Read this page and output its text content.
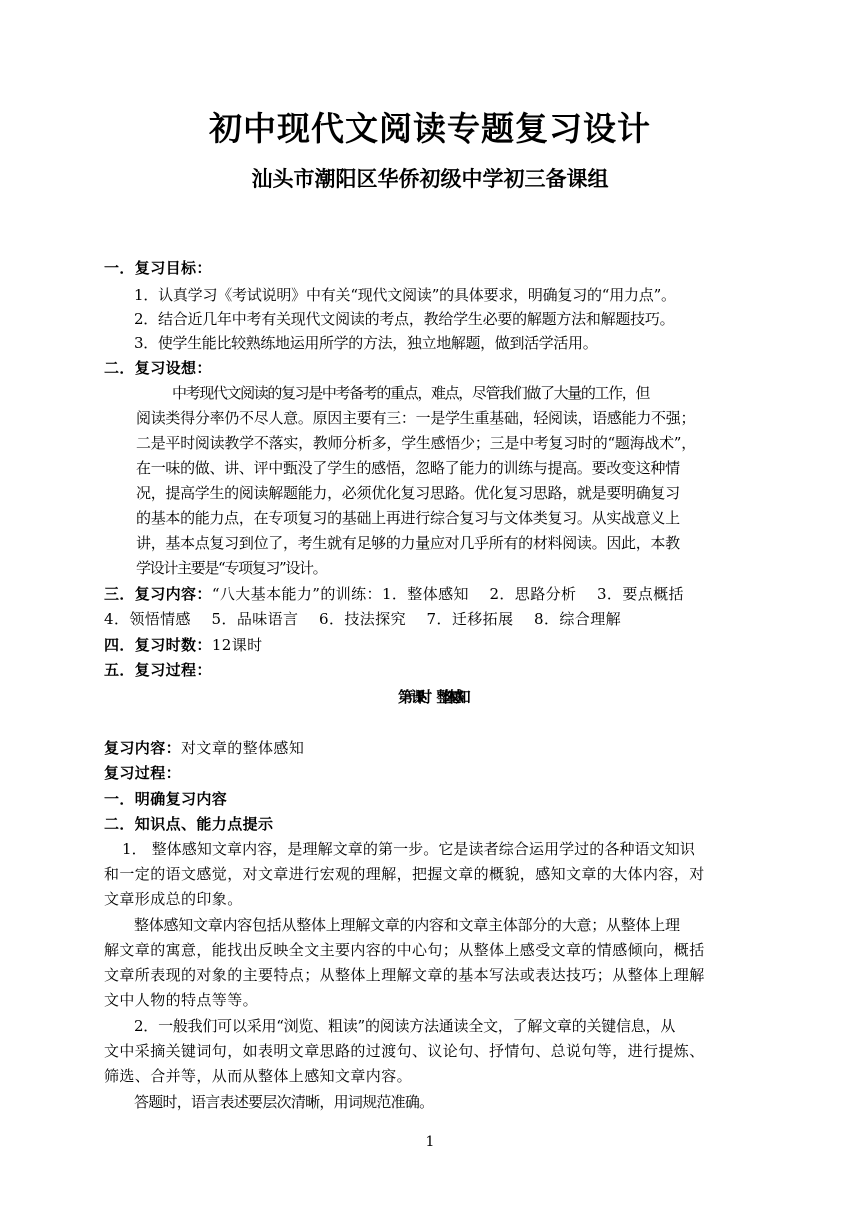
初中现代文阅读专题复习设计
汕头市潮阳区华侨初级中学初三备课组
一．复习目标：
1．认真学习《考试说明》中有关“现代文阅读”的具体要求，明确复习的“用力点”。
2．结合近几年中考有关现代文阅读的考点，教给学生必要的解题方法和解题技巧。
3．使学生能比较熟练地运用所学的方法，独立地解题，做到活学活用。
二．复习设想：
中考现代文阅读的复习是中考备考的重点，难点，尽管我们做了大量的工作，但
阅读类得分率仍不尽人意。原因主要有三：一是学生重基础，轻阅读，语感能力不强；
二是平时阅读教学不落实，教师分析多，学生感悟少；三是中考复习时的“题海战术”，
在一味的做、讲、评中甄没了学生的感悟，忽略了能力的训练与提高。要改变这种情
况，提高学生的阅读解题能力，必须优化复习思路。优化复习思路，就是要明确复习
的基本的能力点，在专项复习的基础上再进行综合复习与文体类复习。从实战意义上
讲，基本点复习到位了，考生就有足够的力量应对几乎所有的材料阅读。因此，本教
学设计主要是“专项复习”设计。
三．复习内容：“八大基本能力”的训练：1．整体感知　 2．思路分析　 3．要点概括
4．领悟情感　 5．品味语言　 6．技法探究　 7．迁移拓展　 8．综合理解
四．复习时数：12课时
五．复习过程：
第一课时　　整体感知
复习内容：对文章的整体感知
复习过程：
一．明确复习内容
二．知识点、能力点提示
1． 整体感知文章内容，是理解文章的第一步。它是读者综合运用学过的各种语文知识
和一定的语文感觉，对文章进行宏观的理解，把握文章的概貌，感知文章的大体内容，对
文章形成总的印象。
整体感知文章内容包括从整体上理解文章的内容和文章主体部分的大意；从整体上理
解文章的寓意，能找出反映全文主要内容的中心句；从整体上感受文章的情感倾向，概括
文章所表现的对象的主要特点；从整体上理解文章的基本写法或表达技巧；从整体上理解
文中人物的特点等等。
2．一般我们可以采用“浏览、粗读”的阅读方法通读全文，了解文章的关键信息，从
文中采摘关键词句，如表明文章思路的过渡句、议论句、抒情句、总说句等，进行提炼、
筛选、合并等，从而从整体上感知文章内容。
答题时，语言表述要层次清晰，用词规范准确。
1
